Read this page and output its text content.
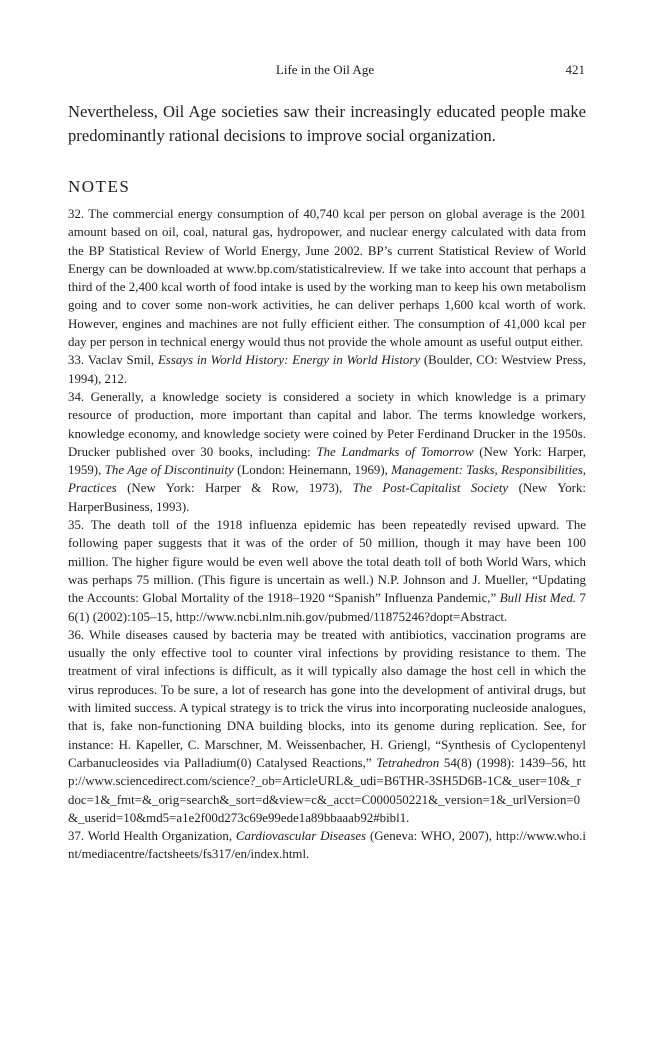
Life in the Oil Age	421

Nevertheless, Oil Age societies saw their increasingly educated people make predominantly rational decisions to improve social organization.

NOTES

32. The commercial energy consumption of 40,740 kcal per person on global average is the 2001 amount based on oil, coal, natural gas, hydropower, and nuclear energy calculated with data from the BP Statistical Review of World Energy, June 2002. BP’s current Statistical Review of World Energy can be downloaded at www.bp.com/statisticalreview. If we take into account that perhaps a third of the 2,400 kcal worth of food intake is used by the working man to keep his own metabolism going and to cover some non-work activities, he can deliver perhaps 1,600 kcal worth of work. However, engines and machines are not fully efficient either. The consumption of 41,000 kcal per day per person in technical energy would thus not provide the whole amount as useful output either.

33. Vaclav Smil, Essays in World History: Energy in World History (Boulder, CO: Westview Press, 1994), 212.

34. Generally, a knowledge society is considered a society in which knowledge is a primary resource of production, more important than capital and labor. The terms knowledge workers, knowledge economy, and knowledge society were coined by Peter Ferdinand Drucker in the 1950s. Drucker published over 30 books, including: The Landmarks of Tomorrow (New York: Harper, 1959), The Age of Discontinuity (London: Heinemann, 1969), Management: Tasks, Responsibilities, Practices (New York: Harper & Row, 1973), The Post-Capitalist Society (New York: HarperBusiness, 1993).

35. The death toll of the 1918 influenza epidemic has been repeatedly revised upward. The following paper suggests that it was of the order of 50 million, though it may have been 100 million. The higher figure would be even well above the total death toll of both World Wars, which was perhaps 75 million. (This figure is uncertain as well.) N.P. Johnson and J. Mueller, “Updating the Accounts: Global Mortality of the 1918–1920 “Spanish” Influenza Pandemic,” Bull Hist Med. 76(1) (2002):105–15, http://www.ncbi.nlm.nih.gov/pubmed/11875246?dopt=Abstract.

36. While diseases caused by bacteria may be treated with antibiotics, vaccination programs are usually the only effective tool to counter viral infections by providing resistance to them. The treatment of viral infections is difficult, as it will typically also damage the host cell in which the virus reproduces. To be sure, a lot of research has gone into the development of antiviral drugs, but with limited success. A typical strategy is to trick the virus into incorporating nucleoside analogues, that is, fake non-functioning DNA building blocks, into its genome during replication. See, for instance: H. Kapeller, C. Marschner, M. Weissenbacher, H. Griengl, “Synthesis of Cyclopentenyl Carbanucleosides via Palladium(0) Catalysed Reactions,” Tetrahedron 54(8) (1998): 1439–56, http://www.sciencedirect.com/science?_ob=ArticleURL&_udi=B6THR-3SH5D6B-1C&_user=10&_rdoc=1&_fmt=&_orig=search&_sort=d&view=c&_acct=C000050221&_version=1&_urlVersion=0&_userid=10&md5=a1e2f00d273c69e99ede1a89bbaaab92#bibl1.

37. World Health Organization, Cardiovascular Diseases (Geneva: WHO, 2007), http://www.who.int/mediacentre/factsheets/fs317/en/index.html.
